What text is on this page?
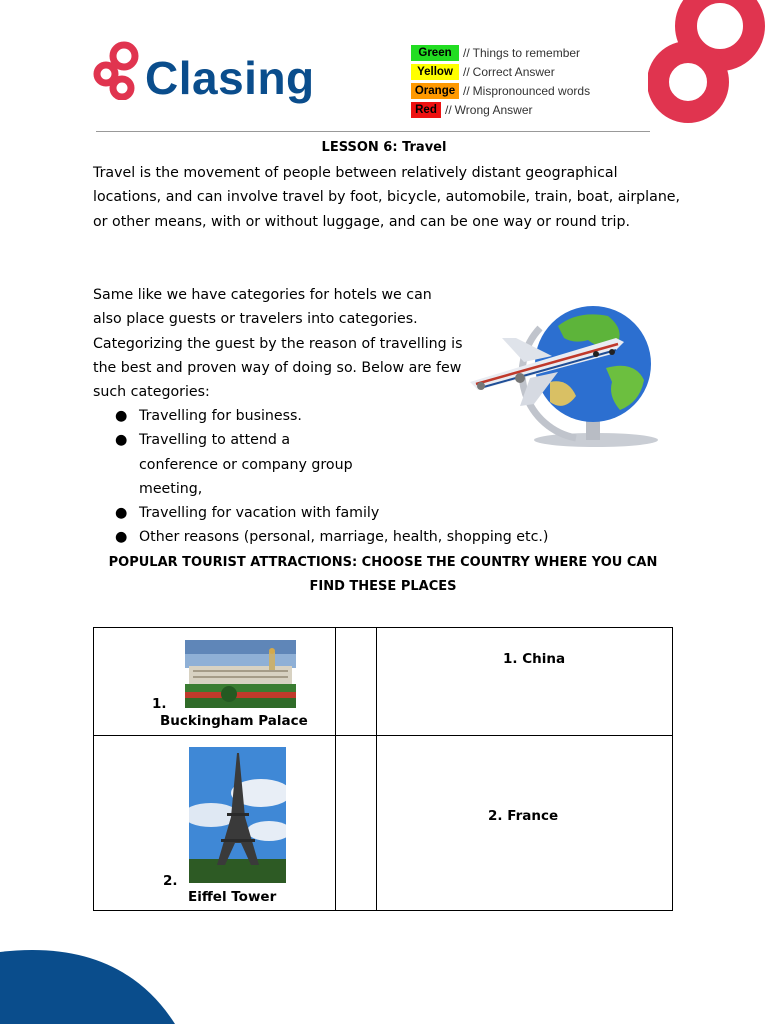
Clasing	Green // Things to remember
Yellow // Correct Answer
Orange // Mispronounced words
Red // Wrong Answer
LESSON 6: Travel
Travel is the movement of people between relatively distant geographical locations, and can involve travel by foot, bicycle, automobile, train, boat, airplane, or other means, with or without luggage, and can be one way or round trip.
Same like we have categories for hotels we can also place guests or travelers into categories. Categorizing the guest by the reason of travelling is the best and proven way of doing so. Below are few such categories:
● Travelling for business.
● Travelling to attend a conference or company group meeting,
● Travelling for vacation with family
● Other reasons (personal, marriage, health, shopping etc.)
POPULAR TOURIST ATTRACTIONS: CHOOSE THE COUNTRY WHERE YOU CAN FIND THESE PLACES
1.
Buckingham Palace
1. China
2.
Eiffel Tower
2. France
